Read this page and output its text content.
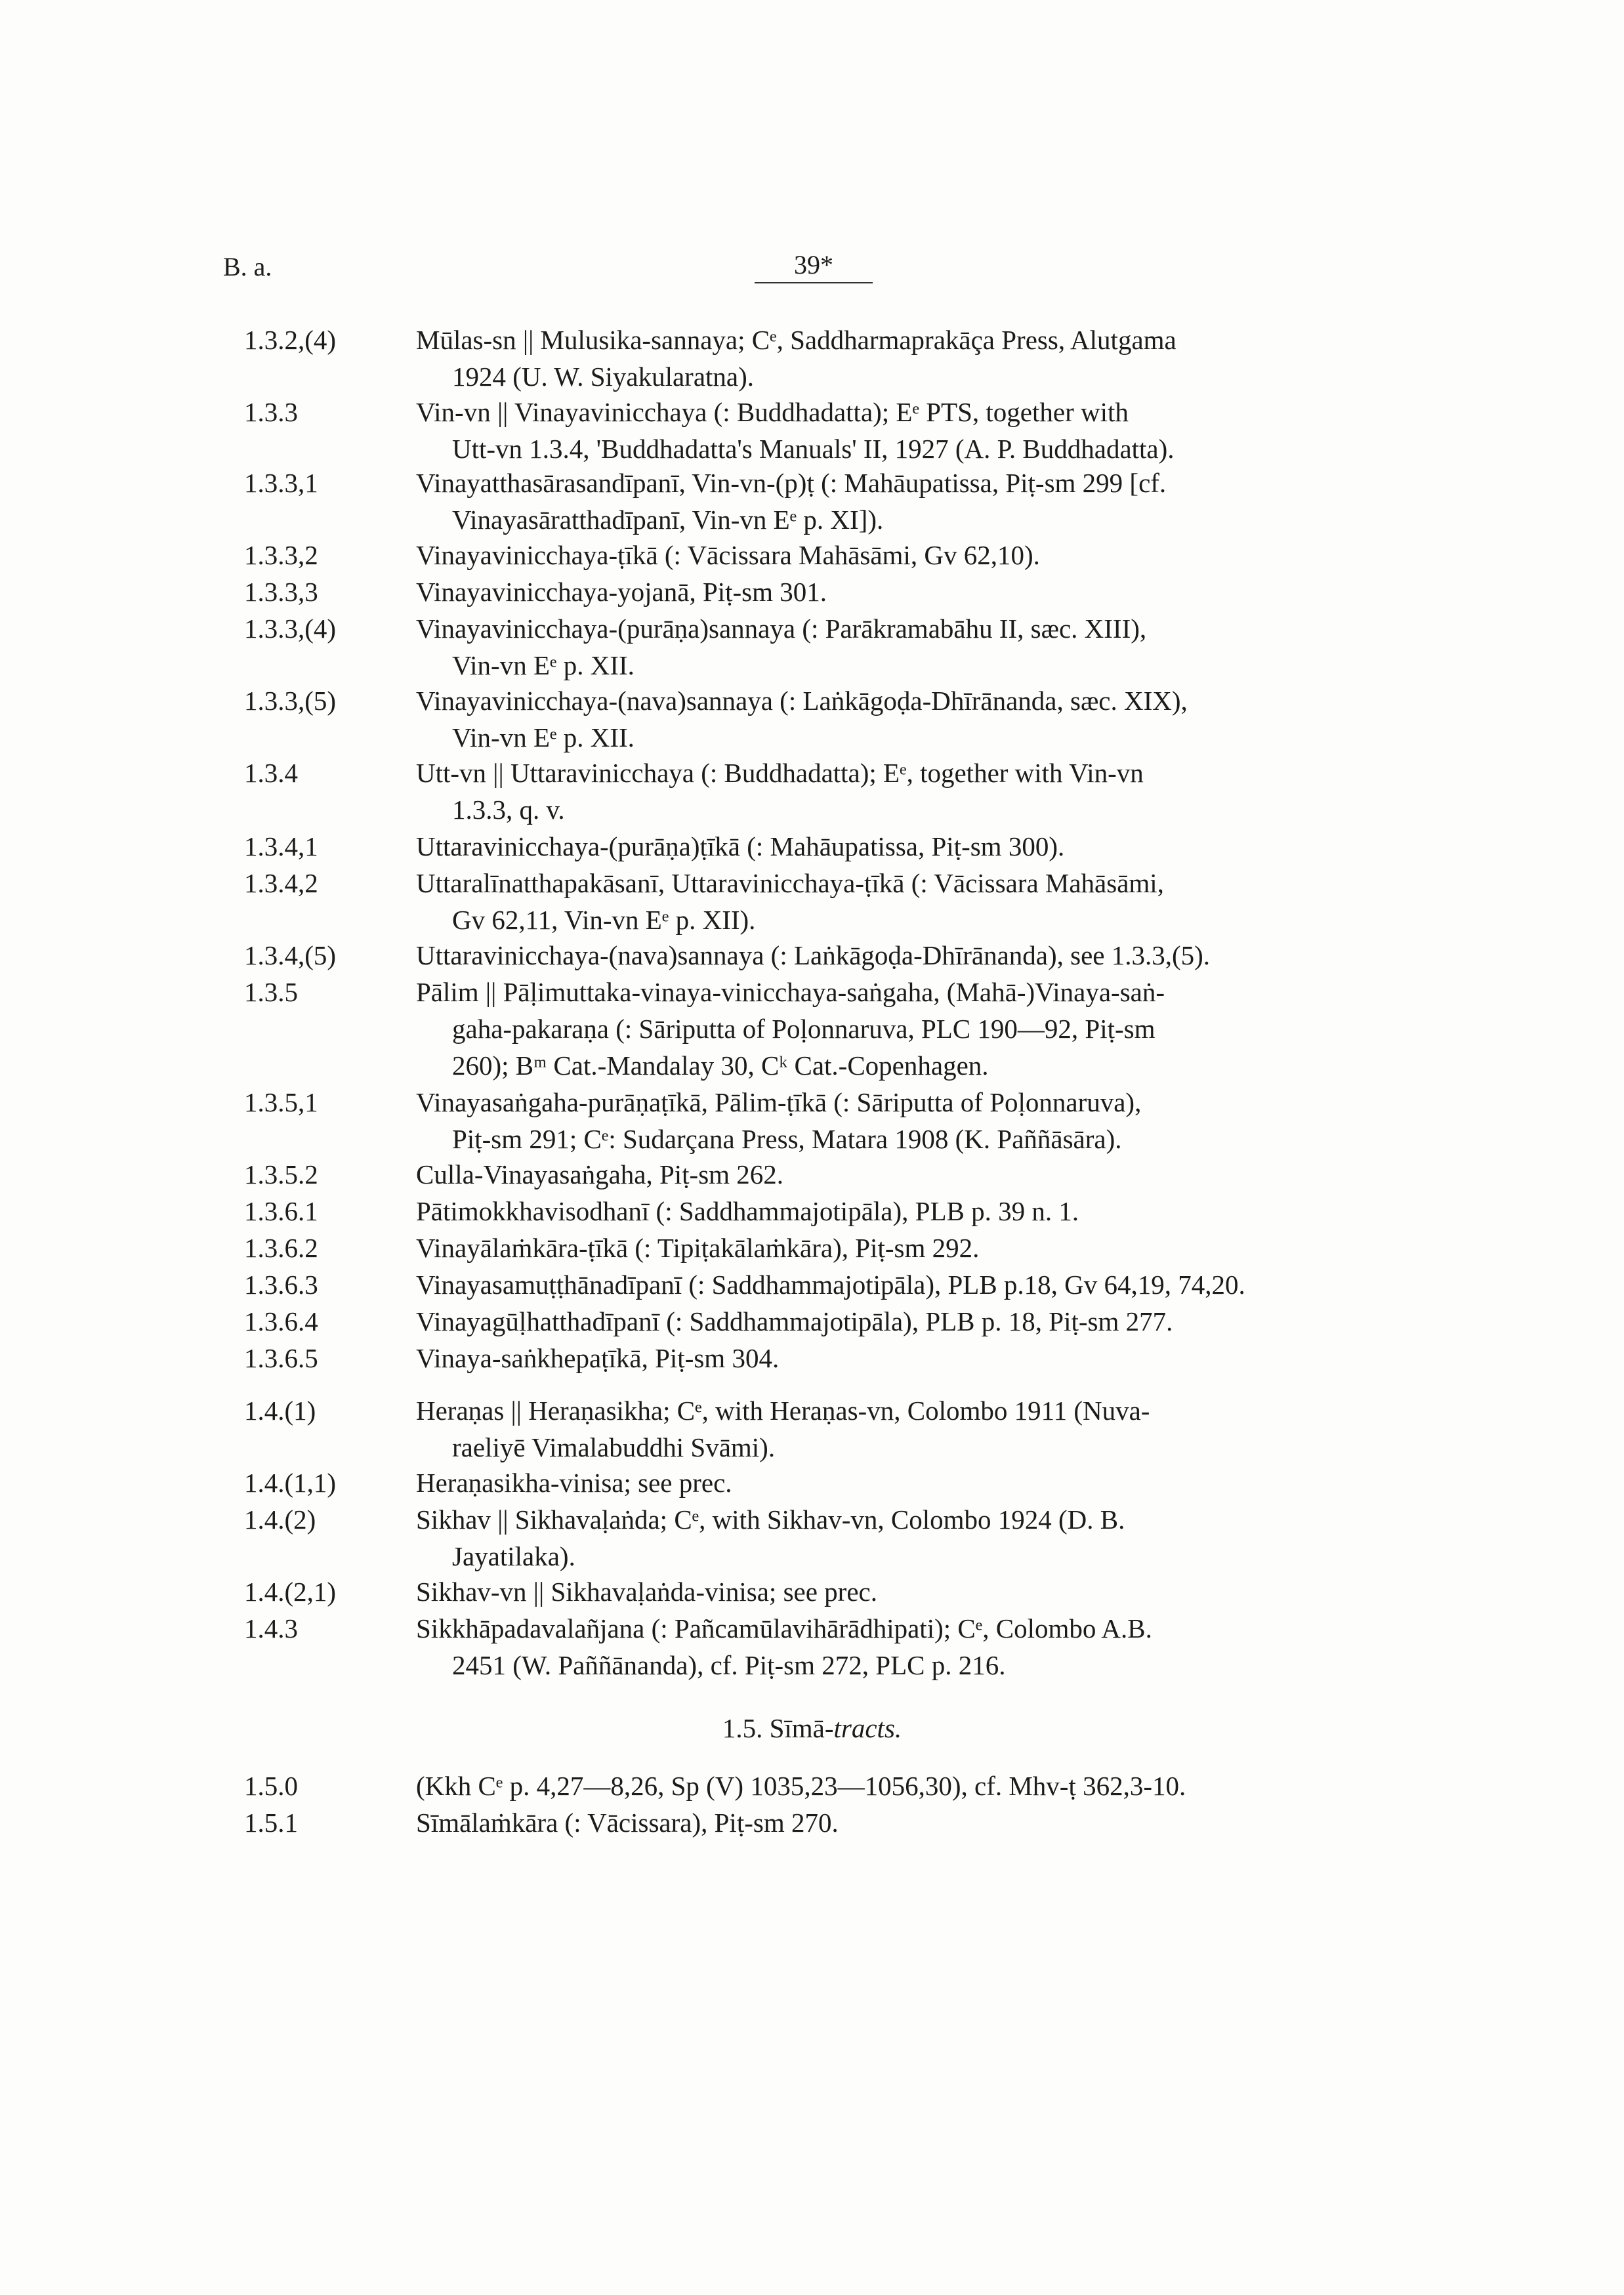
B. a.	39*
1.3.2,(4)	Mūlas-sn || Mulusika-sannaya; Cᵉ, Saddharmaprakāça Press, Alutgama
1924 (U. W. Siyakularatna).
1.3.3	Vin-vn || Vinayavinicchaya (: Buddhadatta); Eᵉ PTS, together with
Utt-vn 1.3.4, 'Buddhadatta's Manuals' II, 1927 (A. P. Buddhadatta).
1.3.3,1	Vinayatthasārasandīpanī, Vin-vn-(p)ṭ (: Mahāupatissa, Piṭ-sm 299 [cf.
Vinayasāratthadīpanī, Vin-vn Eᵉ p. XI]).
1.3.3,2	Vinayavinicchaya-ṭīkā (: Vācissara Mahāsāmi, Gv 62,10).
1.3.3,3	Vinayavinicchaya-yojanā, Piṭ-sm 301.
1.3.3,(4)	Vinayavinicchaya-(purāṇa)sannaya (: Parākramabāhu II, sæc. XIII),
Vin-vn Eᵉ p. XII.
1.3.3,(5)	Vinayavinicchaya-(nava)sannaya (: Laṅkāgoḍa-Dhīrānanda, sæc. XIX),
Vin-vn Eᵉ p. XII.
1.3.4	Utt-vn || Uttaravinicchaya (: Buddhadatta); Eᵉ, together with Vin-vn
1.3.3, q. v.
1.3.4,1	Uttaravinicchaya-(purāṇa)ṭīkā (: Mahāupatissa, Piṭ-sm 300).
1.3.4,2	Uttaralīnatthapakāsanī, Uttaravinicchaya-ṭīkā (: Vācissara Mahāsāmi,
Gv 62,11, Vin-vn Eᵉ p. XII).
1.3.4,(5)	Uttaravinicchaya-(nava)sannaya (: Laṅkāgoḍa-Dhīrānanda), see 1.3.3,(5).
1.3.5	Pālim || Pāḷimuttaka-vinaya-vinicchaya-saṅgaha, (Mahā-)Vinaya-saṅ-
gaha-pakaraṇa (: Sāriputta of Poḷonnaruva, PLC 190—92, Piṭ-sm
260); Bᵐ Cat.-Mandalay 30, Cᵏ Cat.-Copenhagen.
1.3.5,1	Vinayasaṅgaha-purāṇaṭīkā, Pālim-ṭīkā (: Sāriputta of Poḷonnaruva),
Piṭ-sm 291; Cᵉ: Sudarçana Press, Matara 1908 (K. Paññāsāra).
1.3.5.2	Culla-Vinayasaṅgaha, Piṭ-sm 262.
1.3.6.1	Pātimokkhavisodhanī (: Saddhammajotipāla), PLB p. 39 n. 1.
1.3.6.2	Vinayālaṁkāra-ṭīkā (: Tipiṭakālaṁkāra), Piṭ-sm 292.
1.3.6.3	Vinayasamuṭṭhānadīpanī (: Saddhammajotipāla), PLB p.18, Gv 64,19, 74,20.
1.3.6.4	Vinayagūḷhatthadīpanī (: Saddhammajotipāla), PLB p. 18, Piṭ-sm 277.
1.3.6.5	Vinaya-saṅkhepaṭīkā, Piṭ-sm 304.
1.4.(1)	Heraṇas || Heraṇasikha; Cᵉ, with Heraṇas-vn, Colombo 1911 (Nuva-
raeliyē Vimalabuddhi Svāmi).
1.4.(1,1)	Heraṇasikha-vinisa; see prec.
1.4.(2)	Sikhav || Sikhavaḷaṅda; Cᵉ, with Sikhav-vn, Colombo 1924 (D. B.
Jayatilaka).
1.4.(2,1)	Sikhav-vn || Sikhavaḷaṅda-vinisa; see prec.
1.4.3	Sikkhāpadavalañjana (: Pañcamūlavihārādhipati); Cᵉ, Colombo A.B.
2451 (W. Paññānanda), cf. Piṭ-sm 272, PLC p. 216.
1.5.0	(Kkh Cᵉ p. 4,27—8,26, Sp (V) 1035,23—1056,30), cf. Mhv-ṭ 362,3-10.
1.5.1	Sīmālaṁkāra (: Vācissara), Piṭ-sm 270.
1.5. Sīmā-tracts.
